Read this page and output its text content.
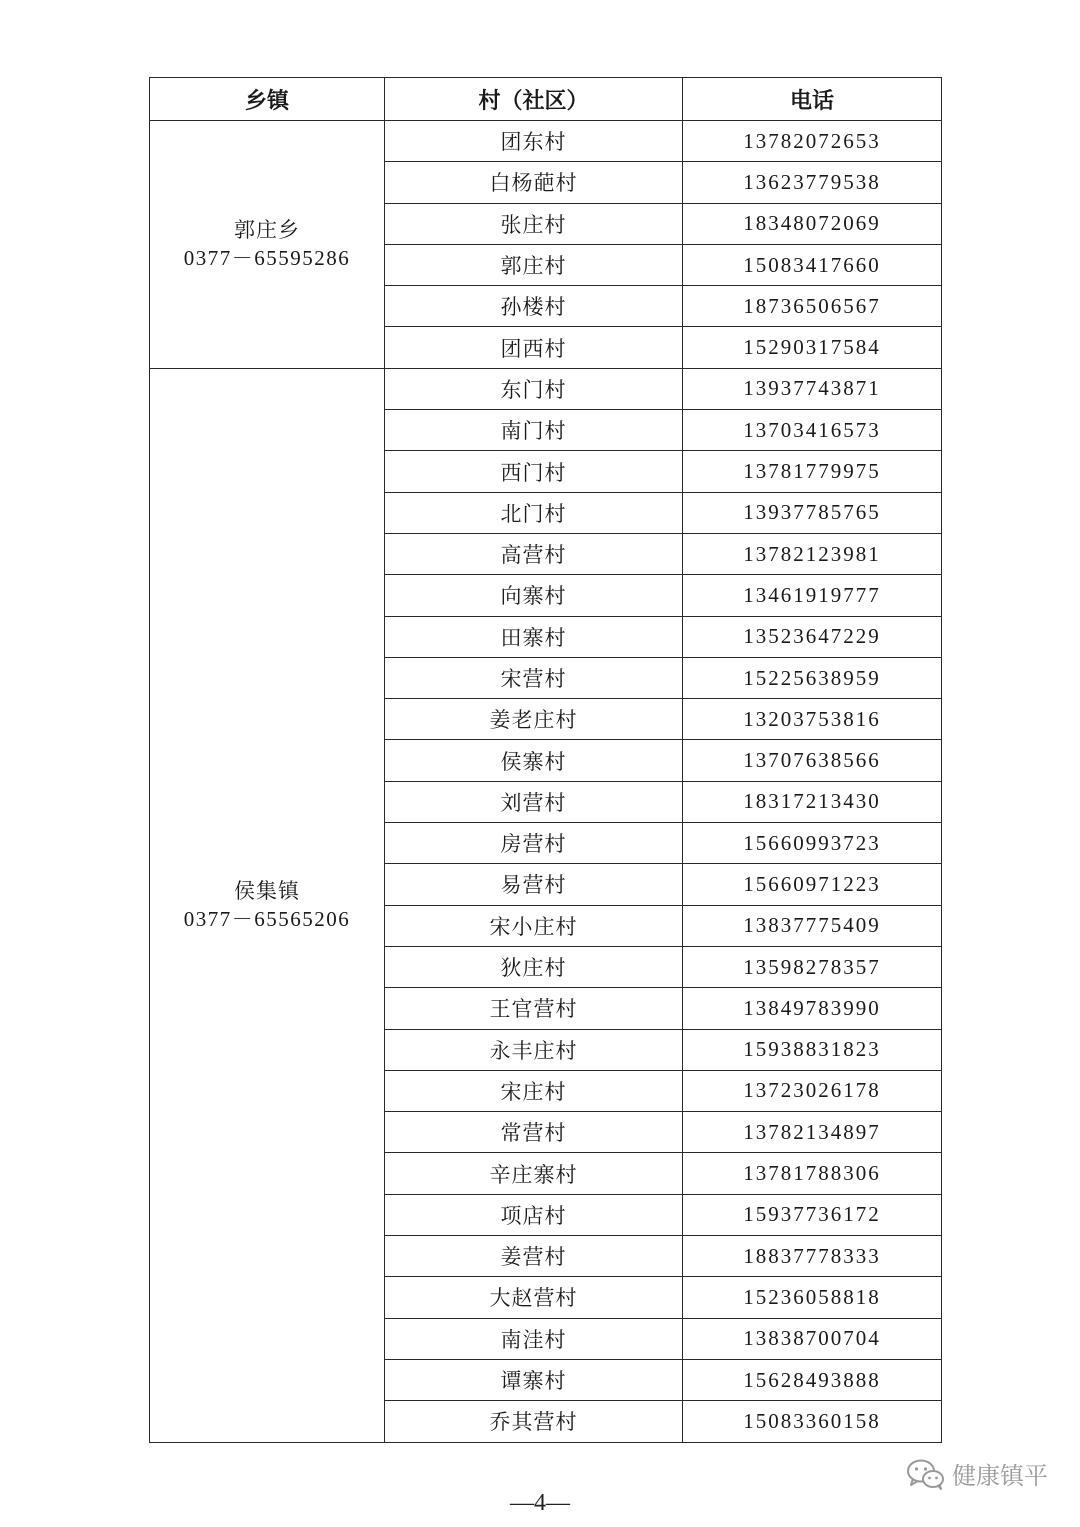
乡镇	村（社区）	电话

郭庄乡
0377－65595286	团东村	13782072653
	白杨葩村	13623779538
	张庄村	18348072069
	郭庄村	15083417660
	孙楼村	18736506567
	团西村	15290317584

侯集镇
0377－65565206	东门村	13937743871
	南门村	13703416573
	西门村	13781779975
	北门村	13937785765
	高营村	13782123981
	向寨村	13461919777
	田寨村	13523647229
	宋营村	15225638959
	姜老庄村	13203753816
	侯寨村	13707638566
	刘营村	18317213430
	房营村	15660993723
	易营村	15660971223
	宋小庄村	13837775409
	狄庄村	13598278357
	王官营村	13849783990
	永丰庄村	15938831823
	宋庄村	13723026178
	常营村	13782134897
	辛庄寨村	13781788306
	项店村	15937736172
	姜营村	18837778333
	大赵营村	15236058818
	南洼村	13838700704
	谭寨村	15628493888
	乔其营村	15083360158
健康镇平
—4—
